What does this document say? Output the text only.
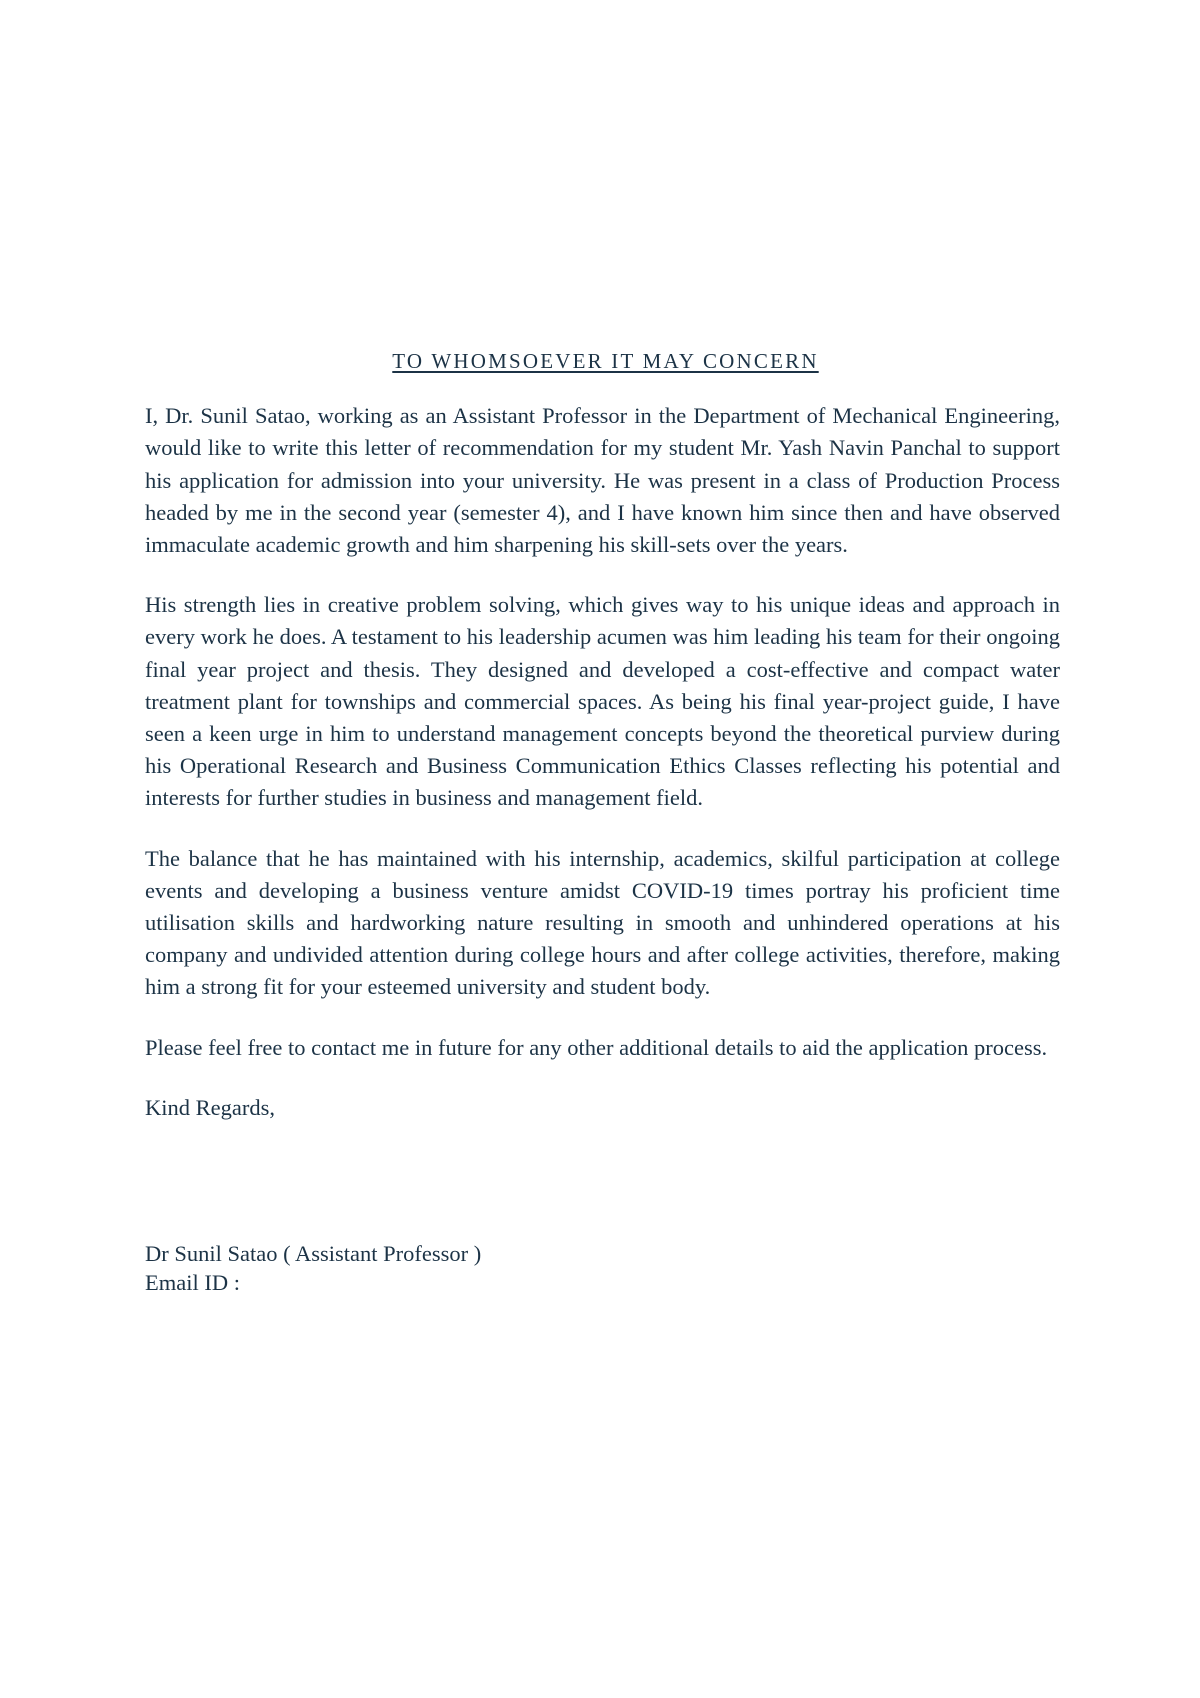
TO WHOMSOEVER IT MAY CONCERN

I, Dr. Sunil Satao, working as an Assistant Professor in the Department of Mechanical Engineering, would like to write this letter of recommendation for my student Mr. Yash Navin Panchal to support his application for admission into your university. He was present in a class of Production Process headed by me in the second year (semester 4), and I have known him since then and have observed immaculate academic growth and him sharpening his skill-sets over the years.

His strength lies in creative problem solving, which gives way to his unique ideas and approach in every work he does. A testament to his leadership acumen was him leading his team for their ongoing final year project and thesis. They designed and developed a cost-effective and compact water treatment plant for townships and commercial spaces. As being his final year-project guide, I have seen a keen urge in him to understand management concepts beyond the theoretical purview during his Operational Research and Business Communication Ethics Classes reflecting his potential and interests for further studies in business and management field.

The balance that he has maintained with his internship, academics, skilful participation at college events and developing a business venture amidst COVID-19 times portray his proficient time utilisation skills and hardworking nature resulting in smooth and unhindered operations at his company and undivided attention during college hours and after college activities, therefore, making him a strong fit for your esteemed university and student body.

Please feel free to contact me in future for any other additional details to aid the application process.

Kind Regards,

Dr Sunil Satao ( Assistant Professor )
Email ID :
